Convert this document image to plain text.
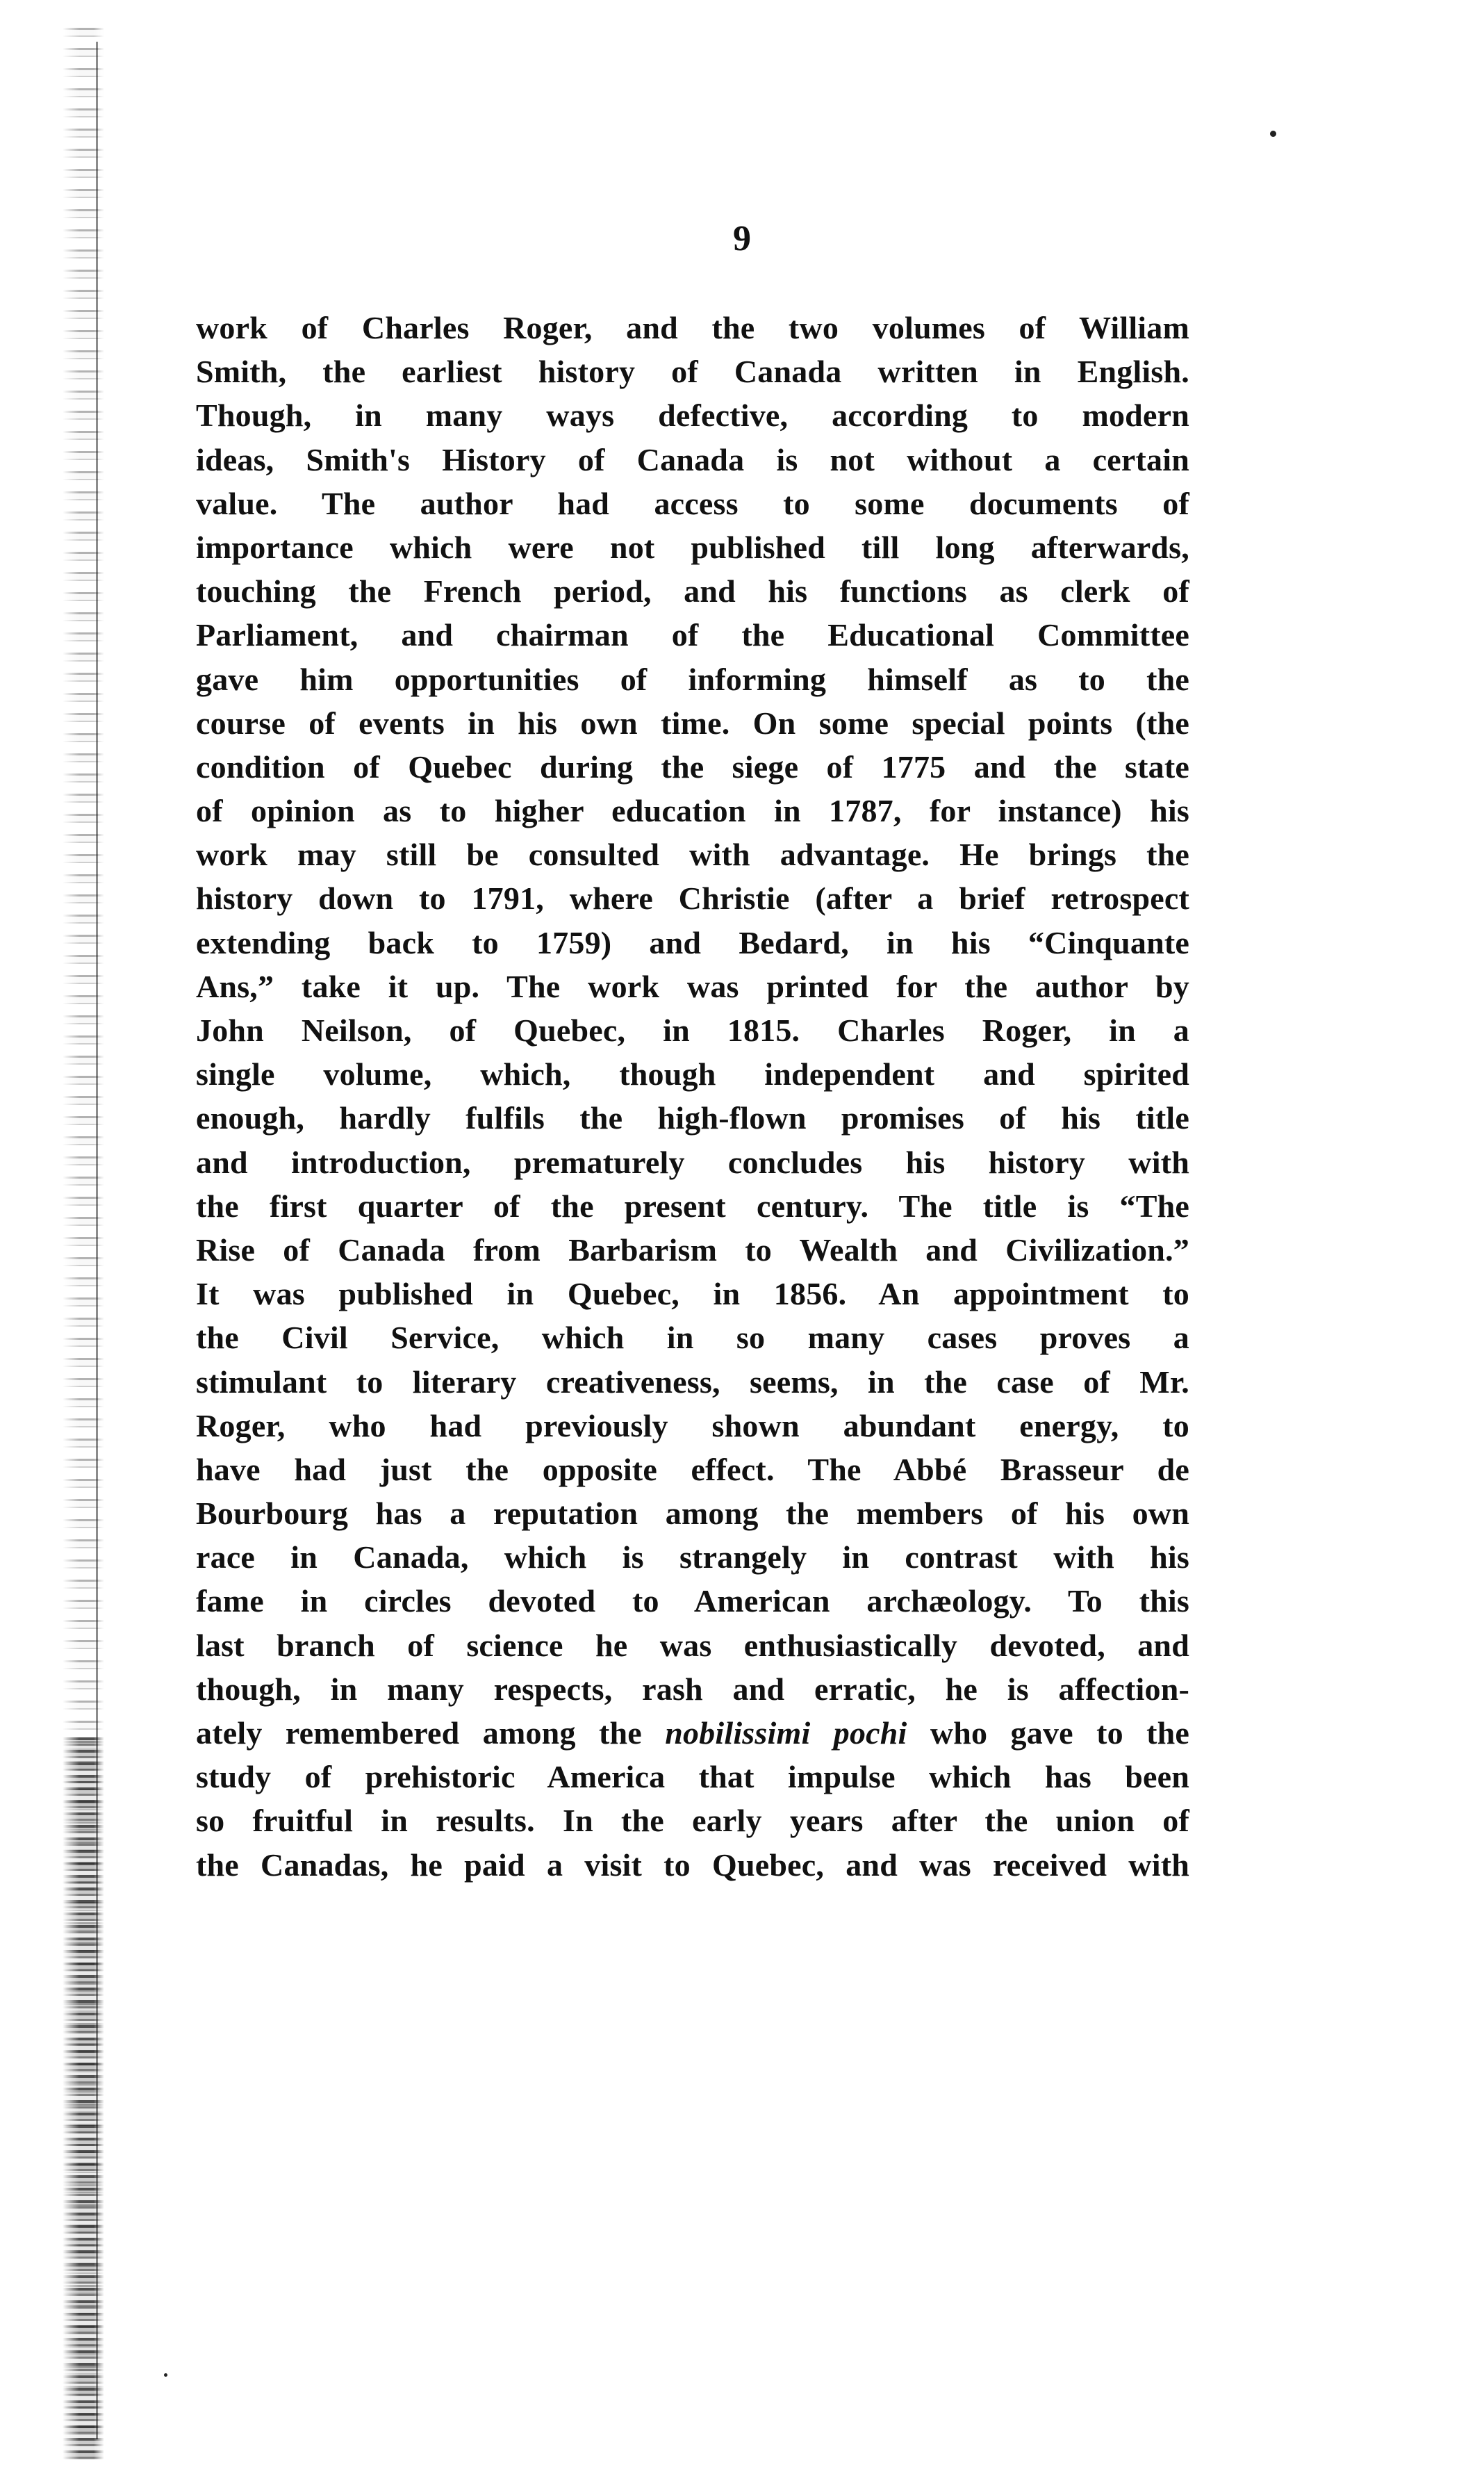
9
work of Charles Roger, and the two volumes of William
Smith, the earliest history of Canada written in English.
Though, in many ways defective, according to modern
ideas, Smith's History of Canada is not without a certain
value. The author had access to some documents of
importance which were not published till long afterwards,
touching the French period, and his functions as clerk of
Parliament, and chairman of the Educational Committee
gave him opportunities of informing himself as to the
course of events in his own time. On some special points (the
condition of Quebec during the siege of 1775 and the state
of opinion as to higher education in 1787, for instance) his
work may still be consulted with advantage. He brings the
history down to 1791, where Christie (after a brief retrospect
extending back to 1759) and Bedard, in his “Cinquante
Ans,” take it up. The work was printed for the author by
John Neilson, of Quebec, in 1815. Charles Roger, in a
single volume, which, though independent and spirited
enough, hardly fulfils the high-flown promises of his title
and introduction, prematurely concludes his history with
the first quarter of the present century. The title is “The
Rise of Canada from Barbarism to Wealth and Civilization.”
It was published in Quebec, in 1856. An appointment to
the Civil Service, which in so many cases proves a
stimulant to literary creativeness, seems, in the case of Mr.
Roger, who had previously shown abundant energy, to
have had just the opposite effect. The Abbé Brasseur de
Bourbourg has a reputation among the members of his own
race in Canada, which is strangely in contrast with his
fame in circles devoted to American archæology. To this
last branch of science he was enthusiastically devoted, and
though, in many respects, rash and erratic, he is affection-
ately remembered among the nobilissimi pochi who gave to the
study of prehistoric America that impulse which has been
so fruitful in results. In the early years after the union of
the Canadas, he paid a visit to Quebec, and was received with
